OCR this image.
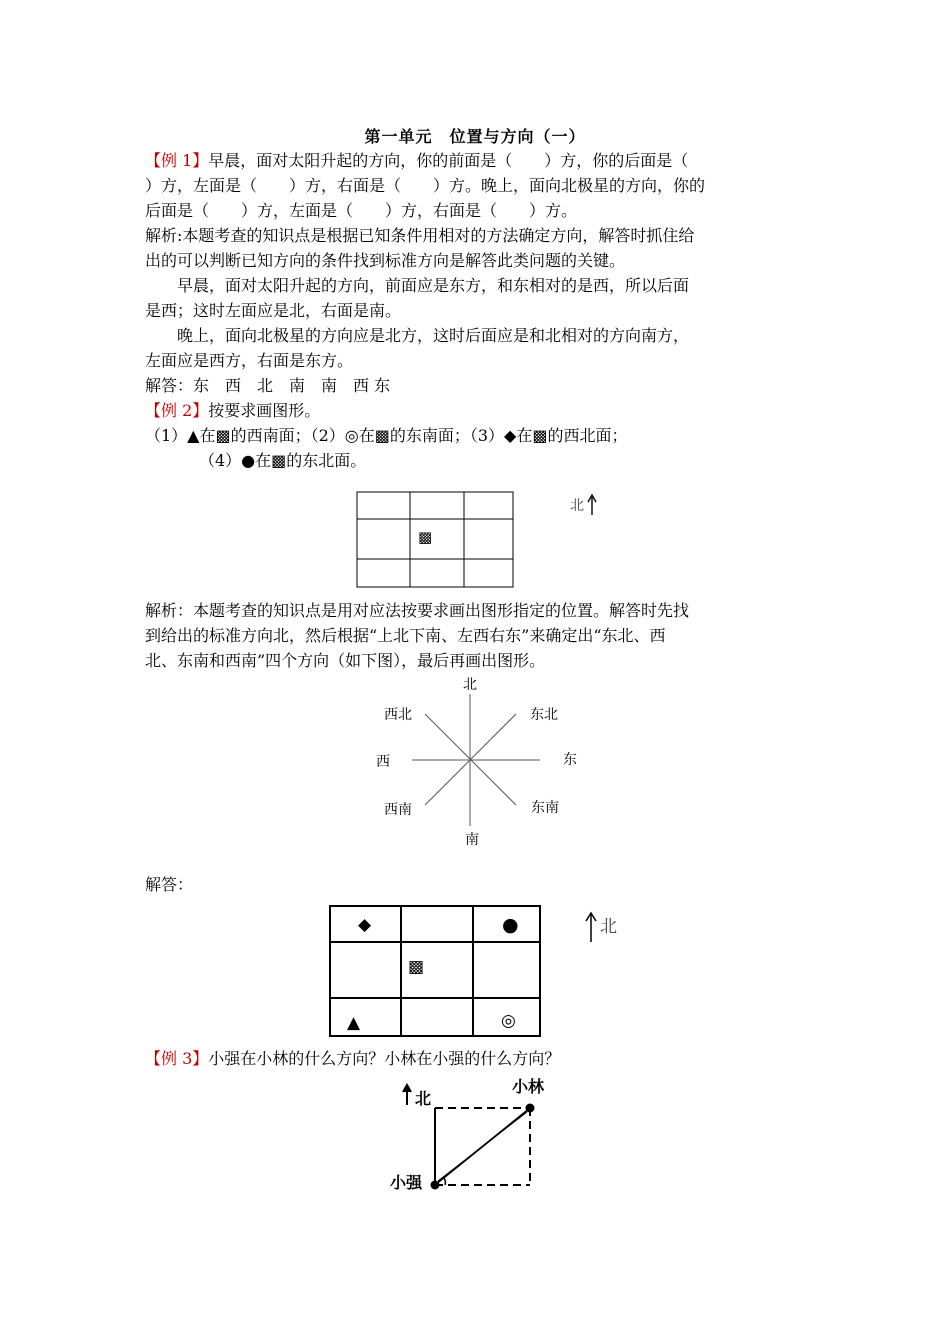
第一单元　位置与方向（一）
【例 1】早晨，面对太阳升起的方向，你的前面是（　　）方，你的后面是（
）方，左面是（　　）方，右面是（　　）方。晚上，面向北极星的方向，你的
后面是（　　）方，左面是（　　）方，右面是（　　）方。
解析:本题考查的知识点是根据已知条件用相对的方法确定方向，解答时抓住给
出的可以判断已知方向的条件找到标准方向是解答此类问题的关键。
早晨，面对太阳升起的方向，前面应是东方，和东相对的是西，所以后面
是西；这时左面应是北，右面是南。
晚上，面向北极星的方向应是北方，这时后面应是和北相对的方向南方，
左面应是西方，右面是东方。
解答：东　西　北　南　南　西 东
【例 2】按要求画图形。
（1）▲在▩的西南面；（2）◎在▩的东南面；（3）◆在▩的西北面；
（4）●在▩的东北面。
▩
北
解析：本题考查的知识点是用对应法按要求画出图形指定的位置。解答时先找
到给出的标准方向北，然后根据“上北下南、左西右东”来确定出“东北、西
北、东南和西南”四个方向（如下图），最后再画出图形。
北
南
东
西
东北
西北
东南
西南
解答：
◆	●
▩
▲	◎
北
【例 3】小强在小林的什么方向？小林在小强的什么方向？
北
小林
小强
